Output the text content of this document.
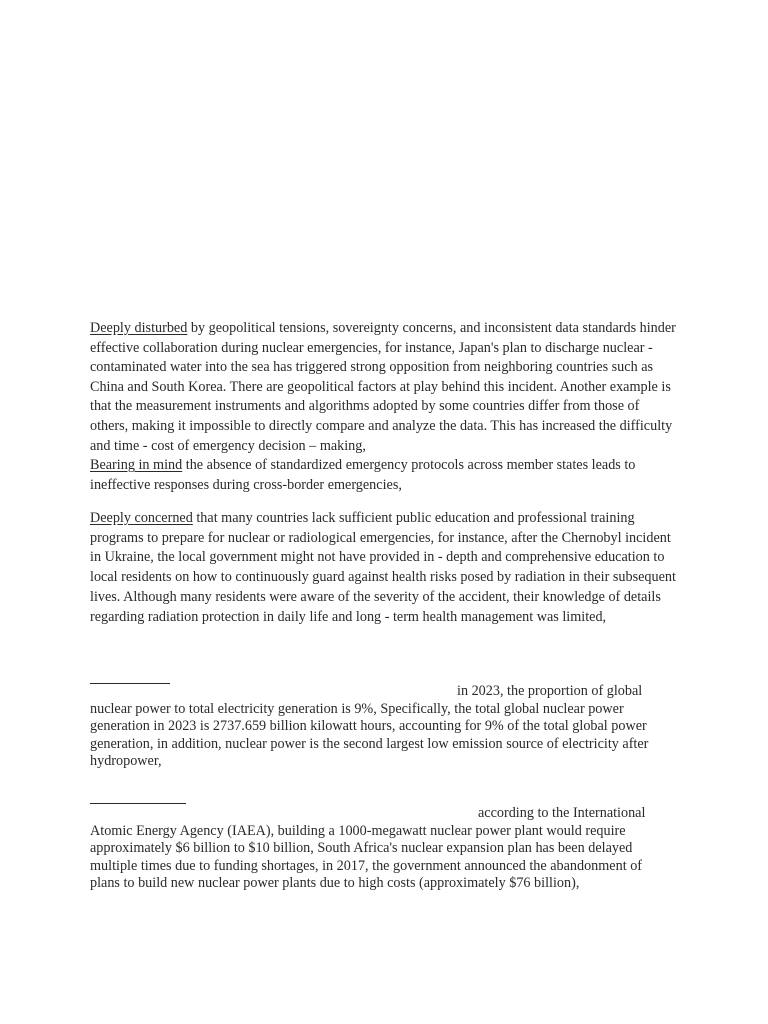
Deeply disturbed by geopolitical tensions, sovereignty concerns, and inconsistent data standards hinder effective collaboration during nuclear emergencies, for instance, Japan's plan to discharge nuclear - contaminated water into the sea has triggered strong opposition from neighboring countries such as China and South Korea. There are geopolitical factors at play behind this incident. Another example is that the measurement instruments and algorithms adopted by some countries differ from those of others, making it impossible to directly compare and analyze the data. This has increased the difficulty and time - cost of emergency decision – making,

Bearing in mind the absence of standardized emergency protocols across member states leads to ineffective responses during cross-border emergencies,

Deeply concerned that many countries lack sufficient public education and professional training programs to prepare for nuclear or radiological emergencies, for instance, after the Chernobyl incident in Ukraine, the local government might not have provided in - depth and comprehensive education to local residents on how to continuously guard against health risks posed by radiation in their subsequent lives. Although many residents were aware of the severity of the accident, their knowledge of details regarding radiation protection in daily life and long - term health management was limited,

in 2023, the proportion of global
nuclear power to total electricity generation is 9%, Specifically, the total global nuclear power generation in 2023 is 2737.659 billion kilowatt hours, accounting for 9% of the total global power generation, in addition, nuclear power is the second largest low emission source of electricity after hydropower,
according to the International
Atomic Energy Agency (IAEA), building a 1000-megawatt nuclear power plant would require approximately $6 billion to $10 billion, South Africa's nuclear expansion plan has been delayed multiple times due to funding shortages, in 2017, the government announced the abandonment of plans to build new nuclear power plants due to high costs (approximately $76 billion),
